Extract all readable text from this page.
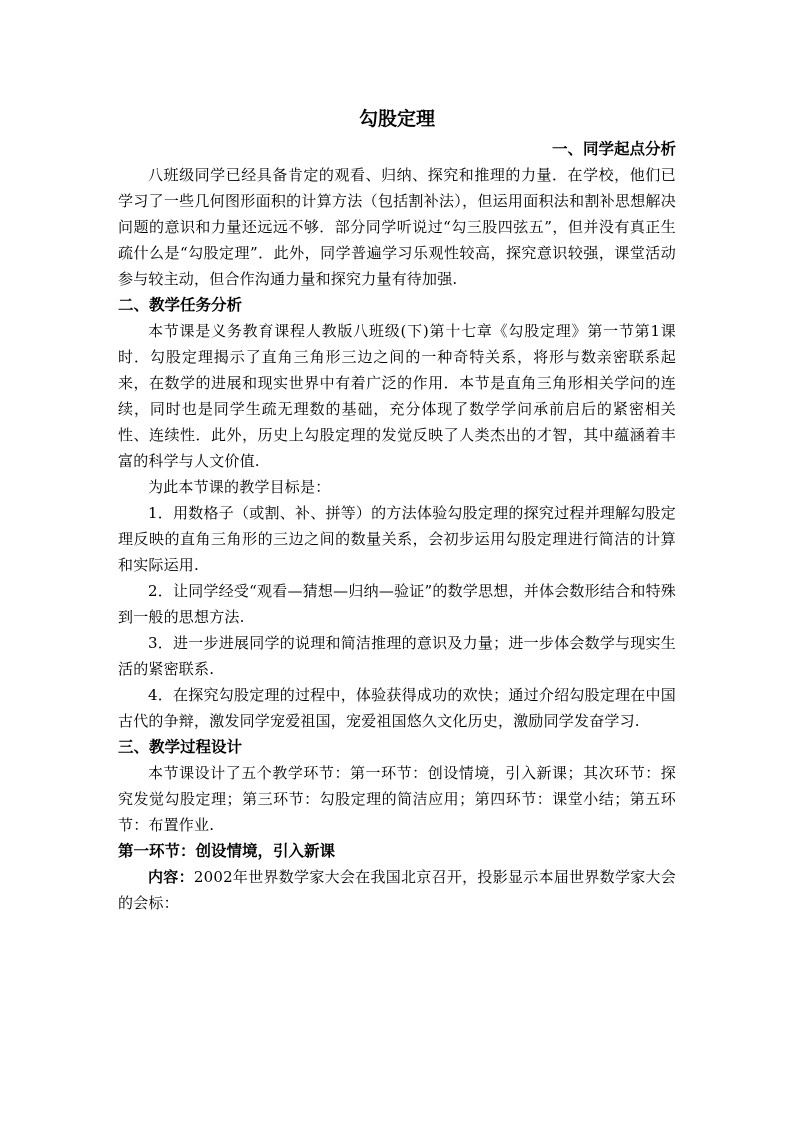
勾股定理

一、同学起点分析

八班级同学已经具备肯定的观看、归纳、探究和推理的力量．在学校，他们已学习了一些几何图形面积的计算方法（包括割补法），但运用面积法和割补思想解决问题的意识和力量还远远不够．部分同学听说过“勾三股四弦五”，但并没有真正生疏什么是“勾股定理”．此外，同学普遍学习乐观性较高，探究意识较强，课堂活动参与较主动，但合作沟通力量和探究力量有待加强.

二、教学任务分析

本节课是义务教育课程人教版八班级(下)第十七章《勾股定理》第一节第1课时．勾股定理揭示了直角三角形三边之间的一种奇特关系，将形与数亲密联系起来，在数学的进展和现实世界中有着广泛的作用．本节是直角三角形相关学问的连续，同时也是同学生疏无理数的基础，充分体现了数学学问承前启后的紧密相关性、连续性．此外，历史上勾股定理的发觉反映了人类杰出的才智，其中蕴涵着丰富的科学与人文价值.

为此本节课的教学目标是：

1．用数格子（或割、补、拼等）的方法体验勾股定理的探究过程并理解勾股定理反映的直角三角形的三边之间的数量关系，会初步运用勾股定理进行简洁的计算和实际运用.

2．让同学经受“观看—猜想—归纳—验证”的数学思想，并体会数形结合和特殊到一般的思想方法.

3．进一步进展同学的说理和简洁推理的意识及力量；进一步体会数学与现实生活的紧密联系.

4．在探究勾股定理的过程中，体验获得成功的欢快；通过介绍勾股定理在中国古代的争辩，激发同学宠爱祖国，宠爱祖国悠久文化历史，激励同学发奋学习.

三、教学过程设计

本节课设计了五个教学环节：第一环节：创设情境，引入新课；其次环节：探究发觉勾股定理；第三环节：勾股定理的简洁应用；第四环节：课堂小结；第五环节：布置作业.

第一环节：创设情境，引入新课

内容：2002年世界数学家大会在我国北京召开，投影显示本届世界数学家大会的会标：
